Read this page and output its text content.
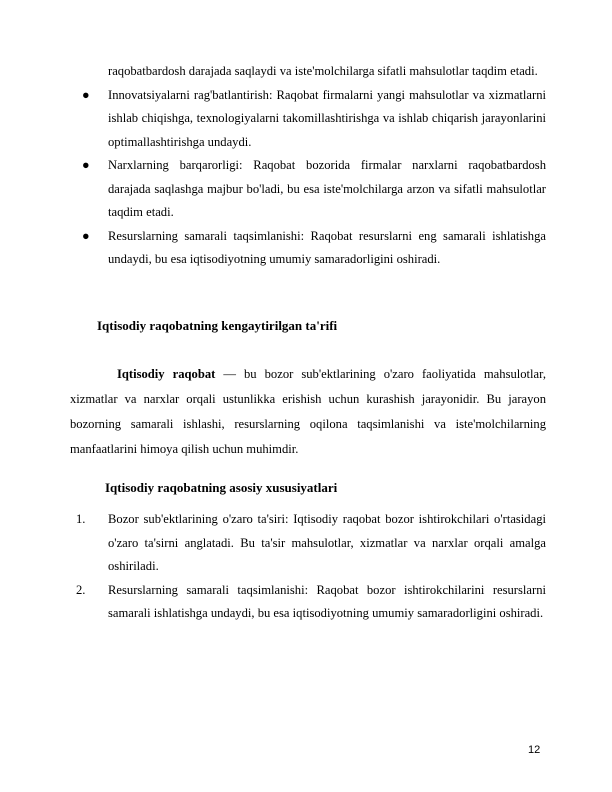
raqobatbardosh darajada saqlaydi va iste'molchilarga sifatli mahsulotlar taqdim etadi.
● Innovatsiyalarni rag'batlantirish: Raqobat firmalarni yangi mahsulotlar va xizmatlarni ishlab chiqishga, texnologiyalarni takomillashtirishga va ishlab chiqarish jarayonlarini optimallashtirishga undaydi.
● Narxlarning barqarorligi: Raqobat bozorida firmalar narxlarni raqobatbardosh darajada saqlashga majbur bo'ladi, bu esa iste'molchilarga arzon va sifatli mahsulotlar taqdim etadi.
● Resurslarning samarali taqsimlanishi: Raqobat resurslarni eng samarali ishlatishga undaydi, bu esa iqtisodiyotning umumiy samaradorligini oshiradi.
Iqtisodiy raqobatning kengaytirilgan ta'rifi

Iqtisodiy raqobat — bu bozor sub'ektlarining o'zaro faoliyatida mahsulotlar, xizmatlar va narxlar orqali ustunlikka erishish uchun kurashish jarayonidir. Bu jarayon bozorning samarali ishlashi, resurslarning oqilona taqsimlanishi va iste'molchilarning manfaatlarini himoya qilish uchun muhimdir.

Iqtisodiy raqobatning asosiy xususiyatlari
1. Bozor sub'ektlarining o'zaro ta'siri: Iqtisodiy raqobat bozor ishtirokchilari o'rtasidagi o'zaro ta'sirni anglatadi. Bu ta'sir mahsulotlar, xizmatlar va narxlar orqali amalga oshiriladi.
2. Resurslarning samarali taqsimlanishi: Raqobat bozor ishtirokchilarini resurslarni samarali ishlatishga undaydi, bu esa iqtisodiyotning umumiy samaradorligini oshiradi.
12
